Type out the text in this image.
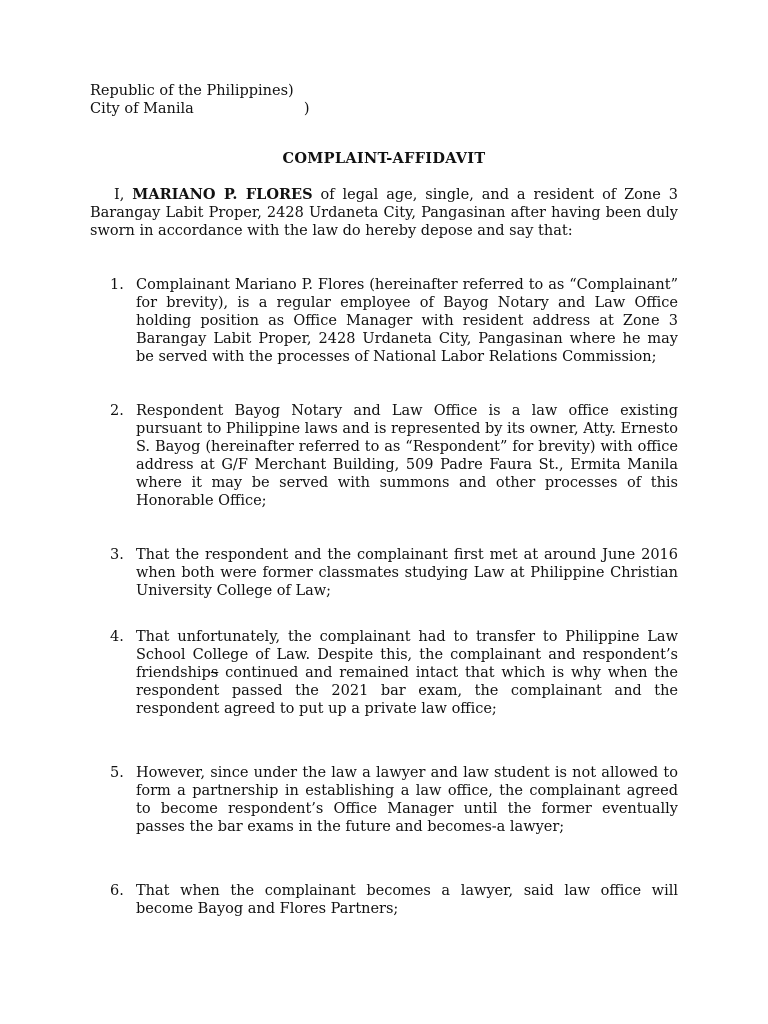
Republic of the Philippines)
City of Manila	)
COMPLAINT-AFFIDAVIT
I, MARIANO P. FLORES of legal age, single, and a resident of Zone 3 Barangay Labit Proper, 2428 Urdaneta City, Pangasinan after having been duly sworn in accordance with the law do hereby depose and say that:
1. Complainant Mariano P. Flores (hereinafter referred to as “Complainant” for brevity), is a regular employee of Bayog Notary and Law Office holding position as Office Manager with resident address at Zone 3 Barangay Labit Proper, 2428 Urdaneta City, Pangasinan where he may be served with the processes of National Labor Relations Commission;
2. Respondent Bayog Notary and Law Office is a law office existing pursuant to Philippine laws and is represented by its owner, Atty. Ernesto S. Bayog (hereinafter referred to as “Respondent” for brevity) with office address at G/F Merchant Building, 509 Padre Faura St., Ermita Manila where it may be served with summons and other processes of this Honorable Office;
3. That the respondent and the complainant first met at around June 2016 when both were former classmates studying Law at Philippine Christian University College of Law;
4. That unfortunately, the complainant had to transfer to Philippine Law School College of Law. Despite this, the complainant and respondent’s friendships continued and remained intact that which is why when the respondent passed the 2021 bar exam, the complainant and the respondent agreed to put up a private law office;
5. However, since under the law a lawyer and law student is not allowed to form a partnership in establishing a law office, the complainant agreed to become respondent’s Office Manager until the former eventually passes the bar exams in the future and becomes-a lawyer;
6. That when the complainant becomes a lawyer, said law office will become Bayog and Flores Partners;
